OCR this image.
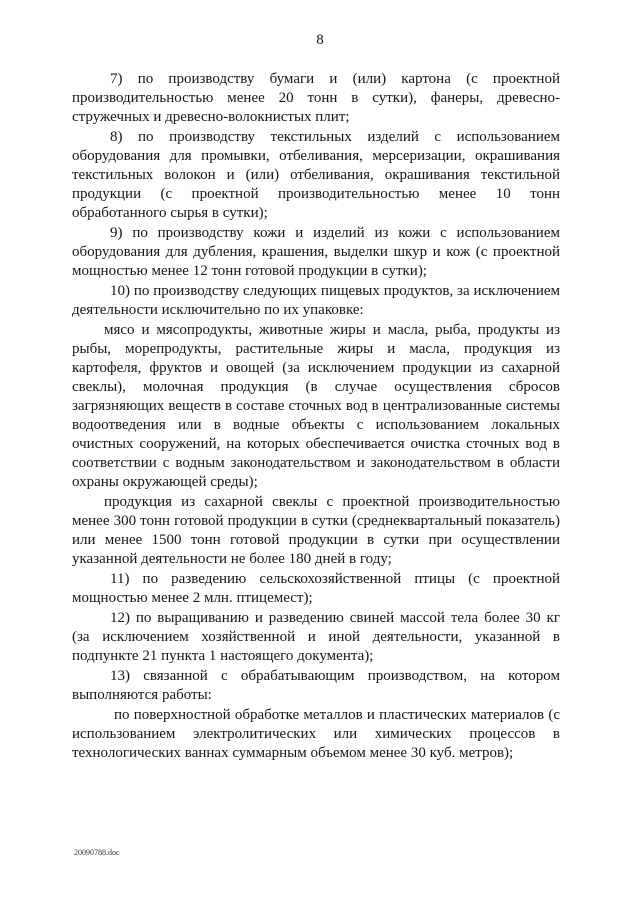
8

7) по производству бумаги и (или) картона (с проектной производительностью менее 20 тонн в сутки), фанеры, древесно-стружечных и древесно-волокнистых плит;

8) по производству текстильных изделий с использованием оборудования для промывки, отбеливания, мерсеризации, окрашивания текстильных волокон и (или) отбеливания, окрашивания текстильной продукции (с проектной производительностью менее 10 тонн обработанного сырья в сутки);

9) по производству кожи и изделий из кожи с использованием оборудования для дубления, крашения, выделки шкур и кож (с проектной мощностью менее 12 тонн готовой продукции в сутки);

10) по производству следующих пищевых продуктов, за исключением деятельности исключительно по их упаковке:

мясо и мясопродукты, животные жиры и масла, рыба, продукты из рыбы, морепродукты, растительные жиры и масла, продукция из картофеля, фруктов и овощей (за исключением продукции из сахарной свеклы), молочная продукция (в случае осуществления сбросов загрязняющих веществ в составе сточных вод в централизованные системы водоотведения или в водные объекты с использованием локальных очистных сооружений, на которых обеспечивается очистка сточных вод в соответствии с водным законодательством и законодательством в области охраны окружающей среды);

продукция из сахарной свеклы с проектной производительностью менее 300 тонн готовой продукции в сутки (среднеквартальный показатель) или менее 1500 тонн готовой продукции в сутки при осуществлении указанной деятельности не более 180 дней в году;

11) по разведению сельскохозяйственной птицы (с проектной мощностью менее 2 млн. птицемест);

12) по выращиванию и разведению свиней массой тела более 30 кг (за исключением хозяйственной и иной деятельности, указанной в подпункте 21 пункта 1 настоящего документа);

13) связанной с обрабатывающим производством, на котором выполняются работы:

по поверхностной обработке металлов и пластических материалов (с использованием электролитических или химических процессов в технологических ваннах суммарным объемом менее 30 куб. метров);

20090788.doc
